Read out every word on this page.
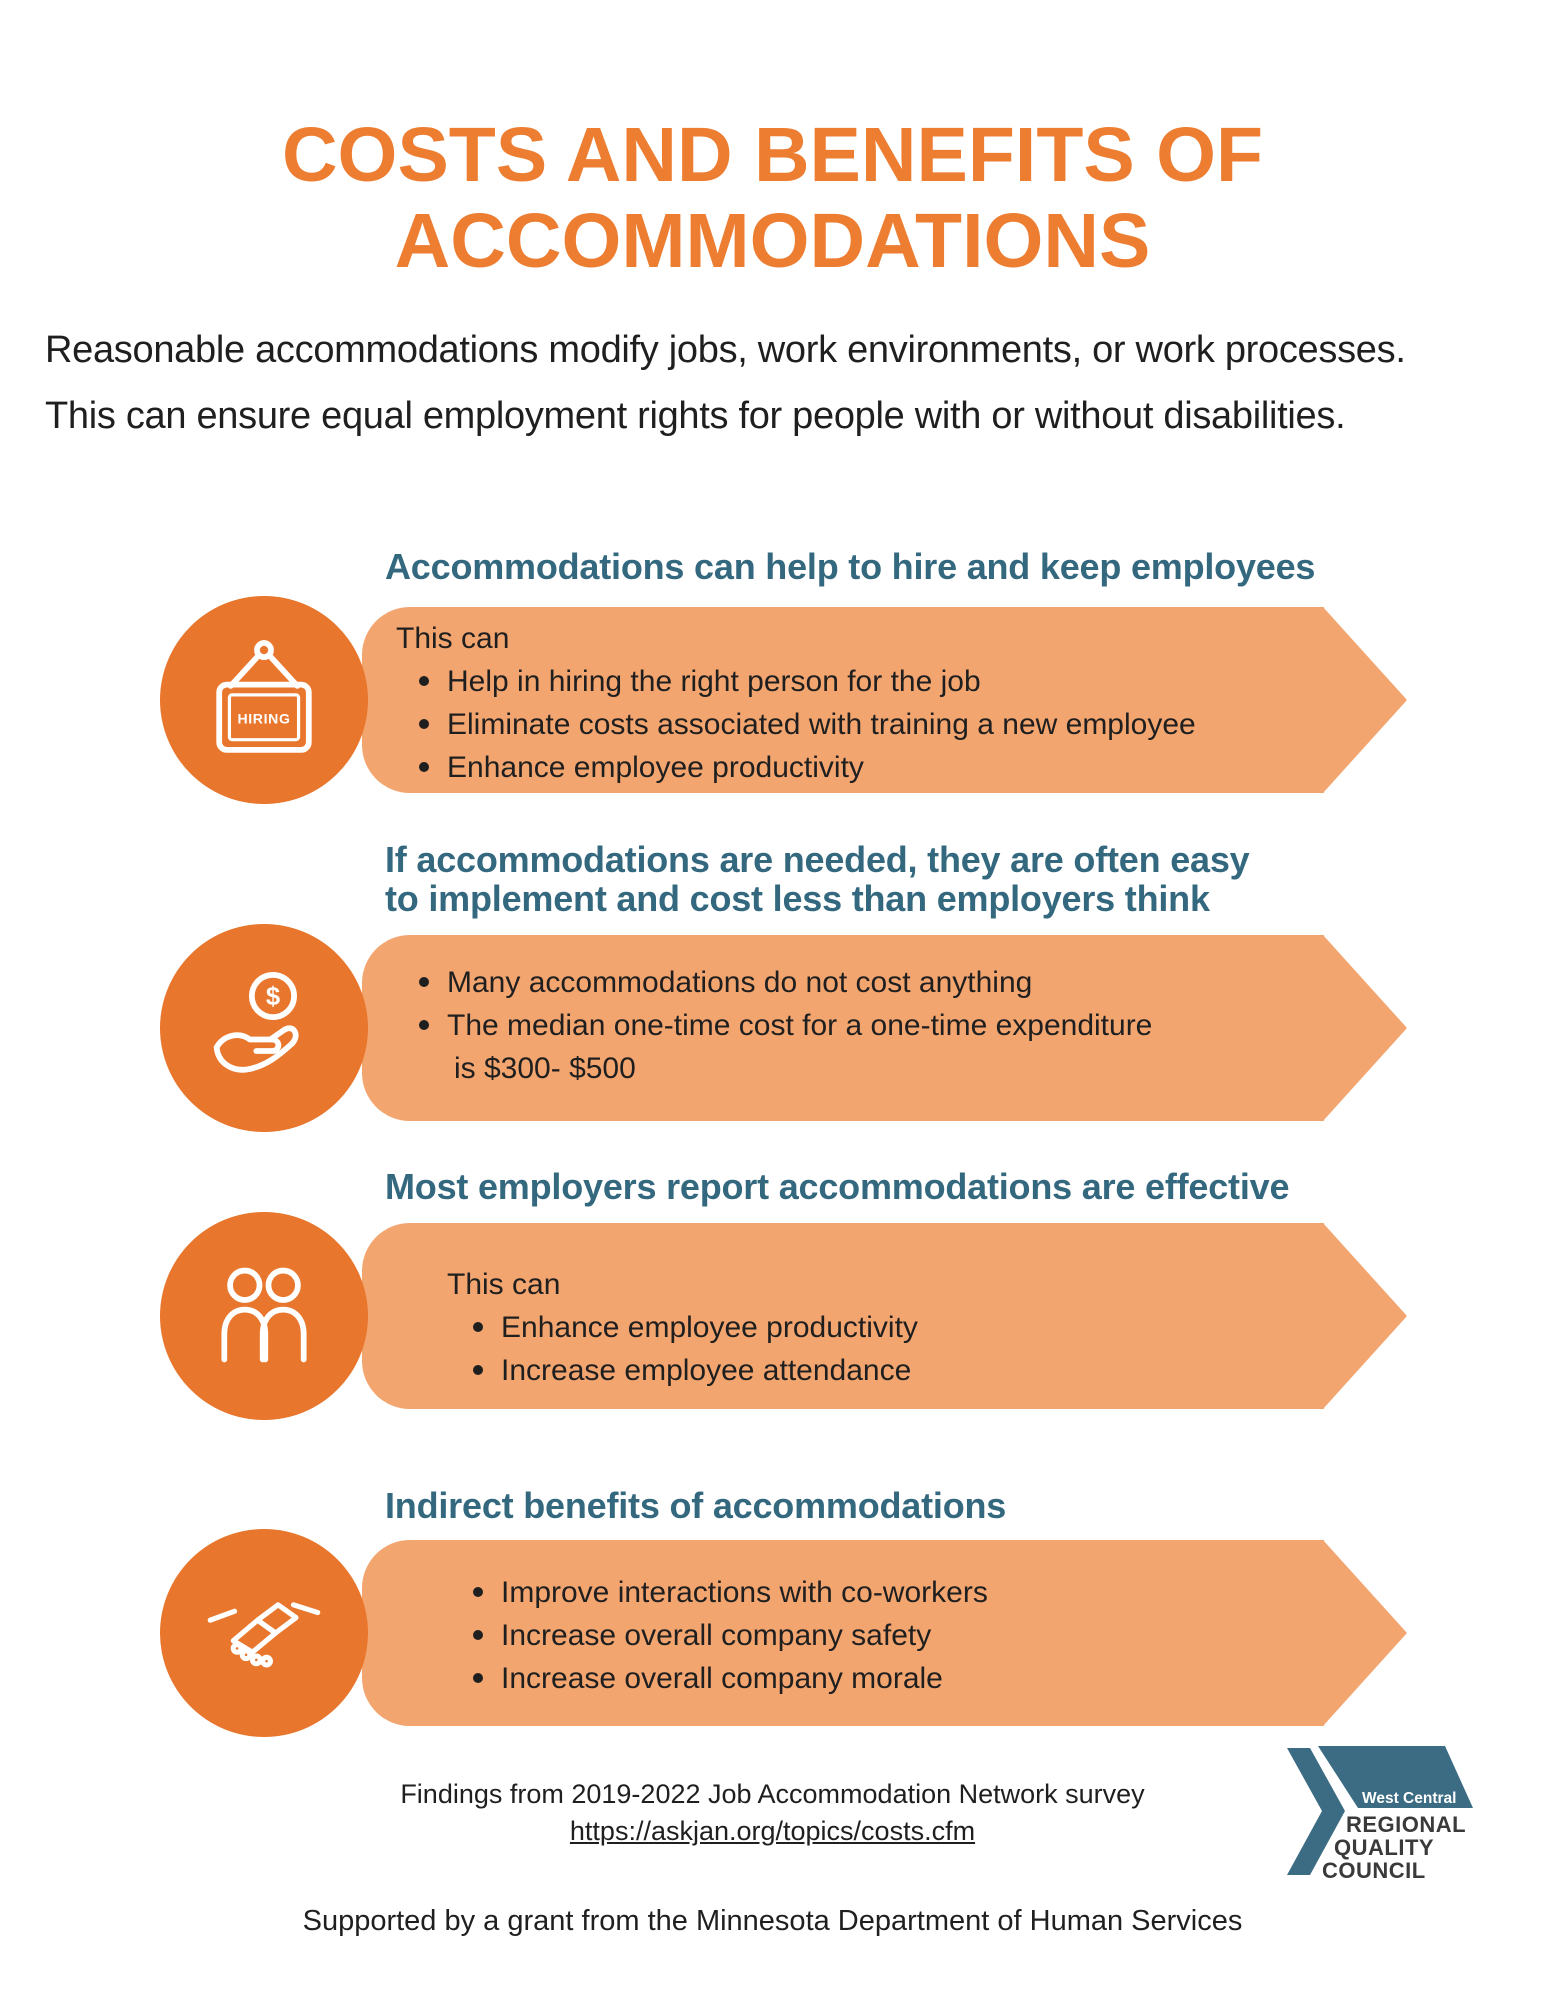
COSTS AND BENEFITS OF
ACCOMMODATIONS
Reasonable accommodations modify jobs, work environments, or work processes.
This can ensure equal employment rights for people with or without disabilities.
Accommodations can help to hire and keep employees
This can
Help in hiring the right person for the job
Eliminate costs associated with training a new employee
Enhance employee productivity
HIRING
If accommodations are needed, they are often easy
to implement and cost less than employers think
Many accommodations do not cost anything
The median one-time cost for a one-time expenditure
is $300- $500
$
Most employers report accommodations are effective
This can
Enhance employee productivity
Increase employee attendance
Indirect benefits of accommodations
Improve interactions with co-workers
Increase overall company safety
Increase overall company morale
Findings from 2019-2022 Job Accommodation Network survey
https://askjan.org/topics/costs.cfm
West Central
REGIONAL
QUALITY
COUNCIL
Supported by a grant from the Minnesota Department of Human Services
